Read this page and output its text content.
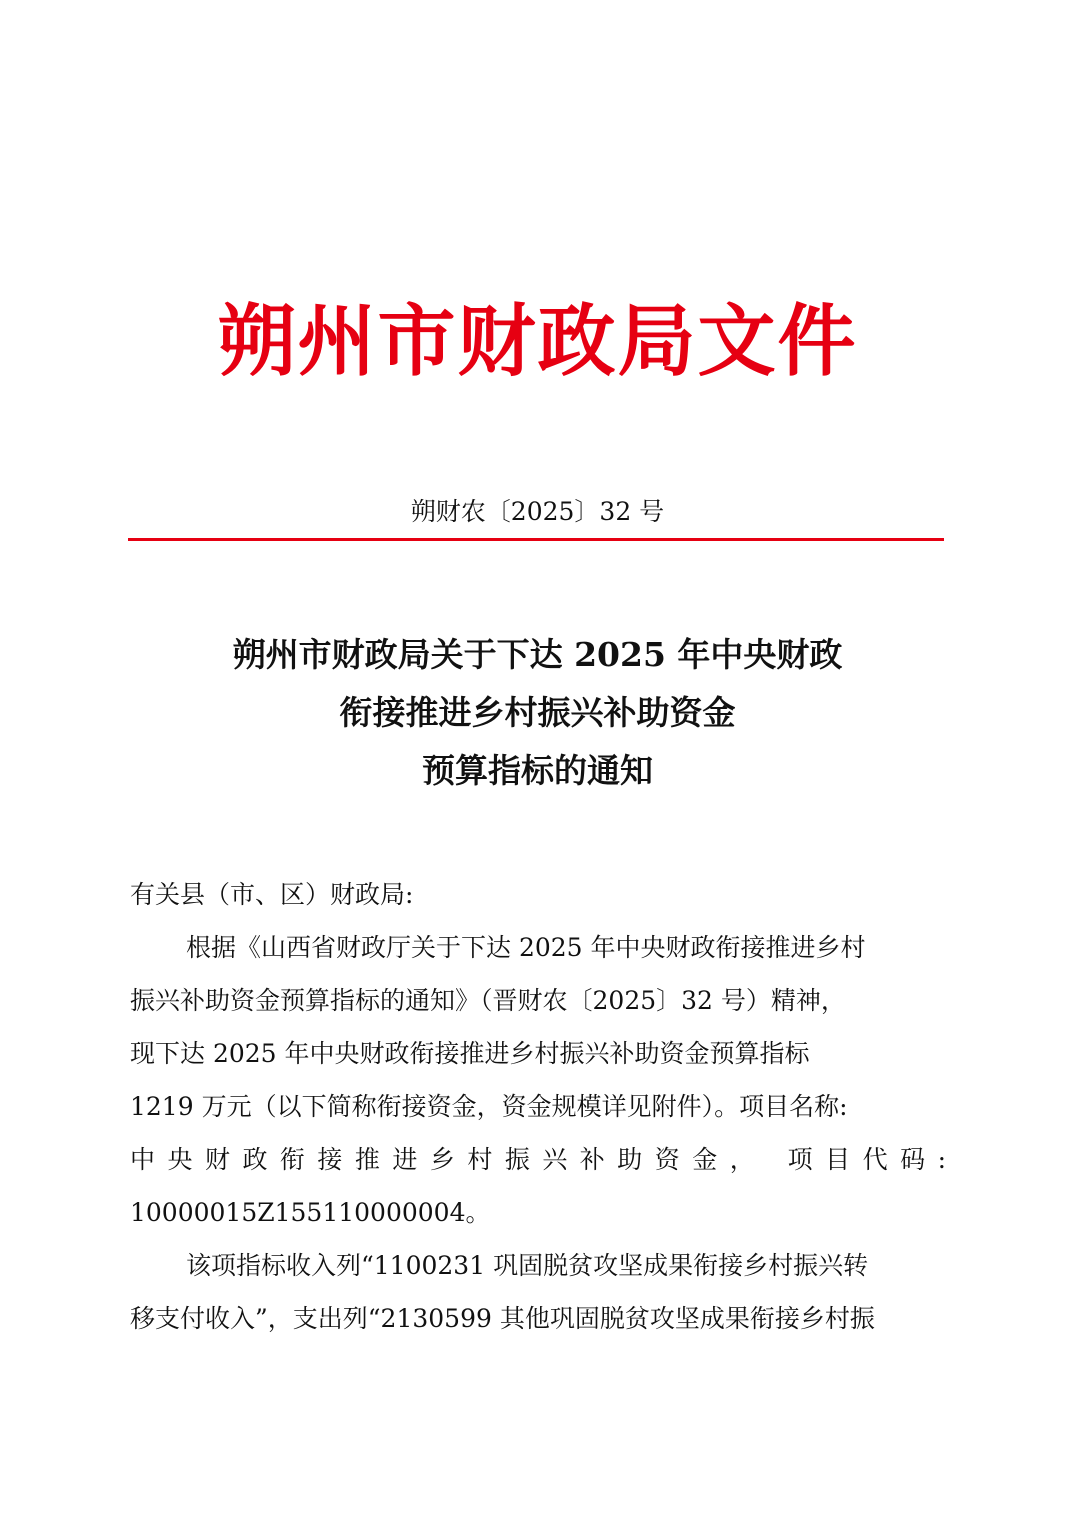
朔州市财政局文件
朔财农〔2025〕32 号
朔州市财政局关于下达 2025 年中央财政
衔接推进乡村振兴补助资金
预算指标的通知
有关县（市、区）财政局:
根据《山西省财政厅关于下达 2025 年中央财政衔接推进乡村
振兴补助资金预算指标的通知》（晋财农〔2025〕32 号）精神，
现下达 2025 年中央财政衔接推进乡村振兴补助资金预算指标
1219 万元（以下简称衔接资金，资金规模详见附件）。项目名称:
中央财政衔接推进乡村振兴补助资金， 项目代码:
10000015Z155110000004。
该项指标收入列“1100231 巩固脱贫攻坚成果衔接乡村振兴转
移支付收入”，支出列“2130599 其他巩固脱贫攻坚成果衔接乡村振
